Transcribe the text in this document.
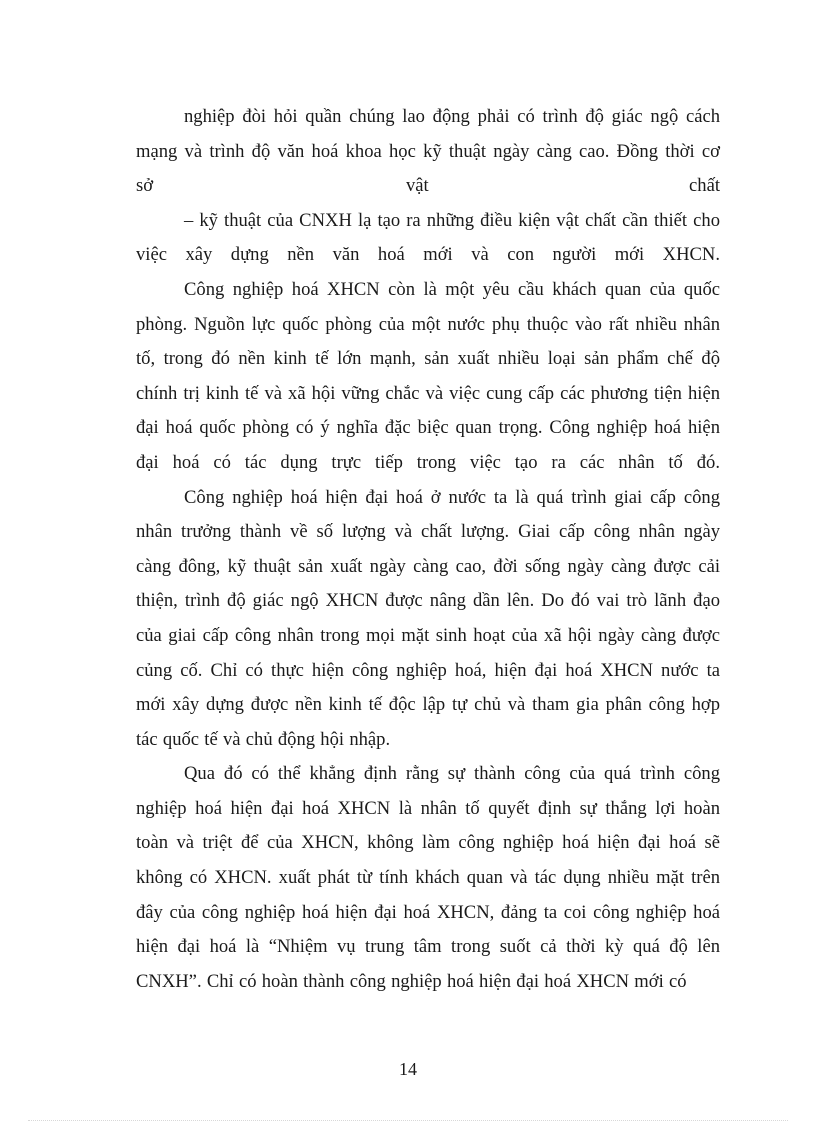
nghiệp đòi hỏi quần chúng lao động phải có trình độ giác ngộ cách
mạng và trình độ văn hoá khoa học kỹ thuật ngày càng cao. Đồng thời cơ
sở	vật	chất
– kỹ thuật của CNXH lạ tạo ra những điều kiện vật chất cần thiết cho
việc xây dựng nền văn hoá mới và con người mới XHCN.
Công nghiệp hoá XHCN còn là một yêu cầu khách quan của quốc
phòng. Nguồn lực quốc phòng của một nước phụ thuộc vào rất nhiều nhân
tố, trong đó nền kinh tế lớn mạnh, sản xuất nhiều loại sản phẩm chế độ
chính trị kinh tế và xã hội vững chắc và việc cung cấp các phương tiện hiện
đại hoá quốc phòng có ý nghĩa đặc biệc quan trọng. Công nghiệp hoá hiện
đại hoá có tác dụng trực tiếp trong việc tạo ra các nhân tố đó.
Công nghiệp hoá hiện đại hoá ở nước ta là quá trình giai cấp công
nhân trưởng thành về số lượng và chất lượng. Giai cấp công nhân ngày
càng đông, kỹ thuật sản xuất ngày càng cao, đời sống ngày càng được cải
thiện, trình độ giác ngộ XHCN được nâng dần lên. Do đó vai trò lãnh đạo
của giai cấp công nhân trong mọi mặt sinh hoạt của xã hội ngày càng được
củng cố. Chỉ có thực hiện công nghiệp hoá, hiện đại hoá XHCN nước ta
mới xây dựng được nền kinh tế độc lập tự chủ và tham gia phân công hợp
tác quốc tế và chủ động hội nhập.
Qua đó có thể khẳng định rằng sự thành công của quá trình công
nghiệp hoá hiện đại hoá XHCN là nhân tố quyết định sự thắng lợi hoàn
toàn và triệt để của XHCN, không làm công nghiệp hoá hiện đại hoá sẽ
không có XHCN. xuất phát từ tính khách quan và tác dụng nhiều mặt trên
đây của công nghiệp hoá hiện đại hoá XHCN, đảng ta coi công nghiệp hoá
hiện đại hoá là “Nhiệm vụ trung tâm trong suốt cả thời kỳ quá độ lên
CNXH”. Chỉ có hoàn thành công nghiệp hoá hiện đại hoá XHCN mới có
14
